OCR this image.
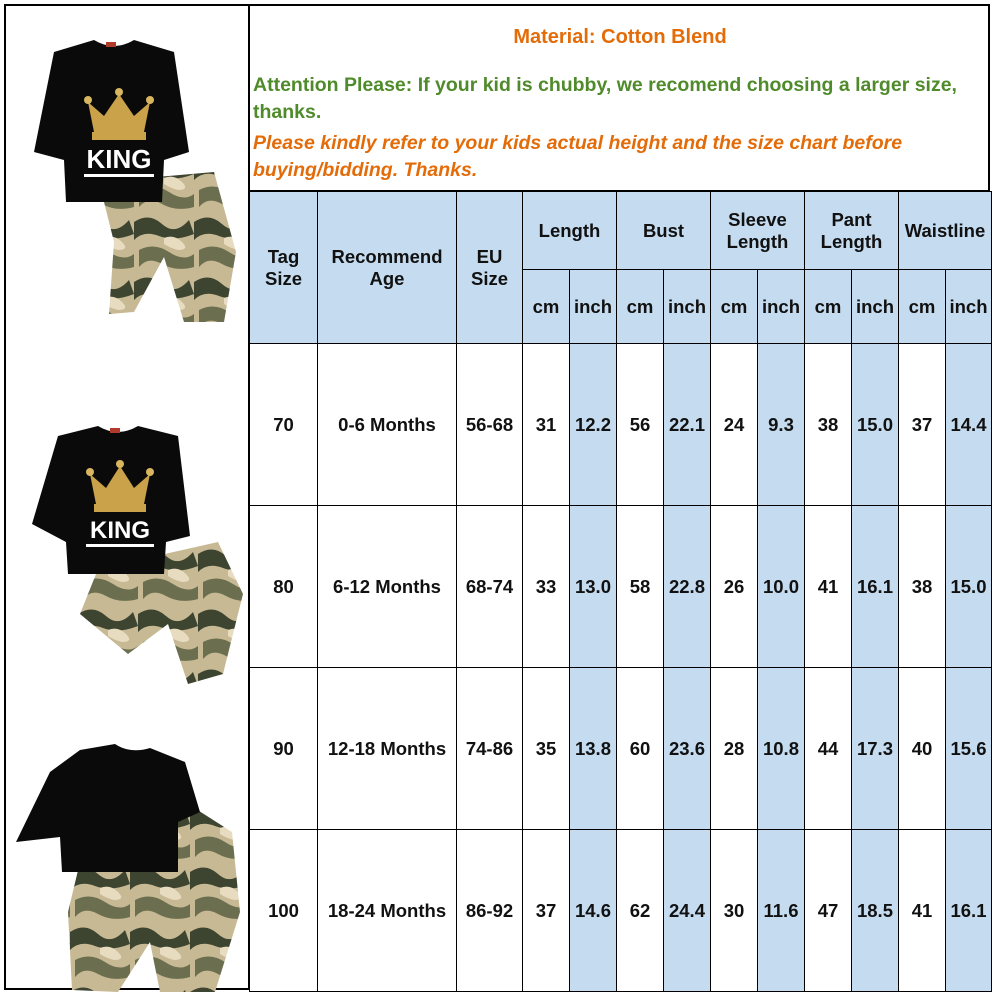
KING
KING
Material: Cotton Blend
Attention Please: If your kid is chubby, we recomend choosing a larger size, thanks.
Please kindly refer to your kids actual height and the size chart before buying/bidding. Thanks.
Tag Size	Recommend Age	EU Size	Length		Bust		Sleeve Length		Pant Length		Waistline	
			cm	inch	cm	inch	cm	inch	cm	inch	cm	inch
70	0-6 Months	56-68	31	12.2	56	22.1	24	9.3	38	15.0	37	14.4
80	6-12 Months	68-74	33	13.0	58	22.8	26	10.0	41	16.1	38	15.0
90	12-18 Months	74-86	35	13.8	60	23.6	28	10.8	44	17.3	40	15.6
100	18-24 Months	86-92	37	14.6	62	24.4	30	11.6	47	18.5	41	16.1
